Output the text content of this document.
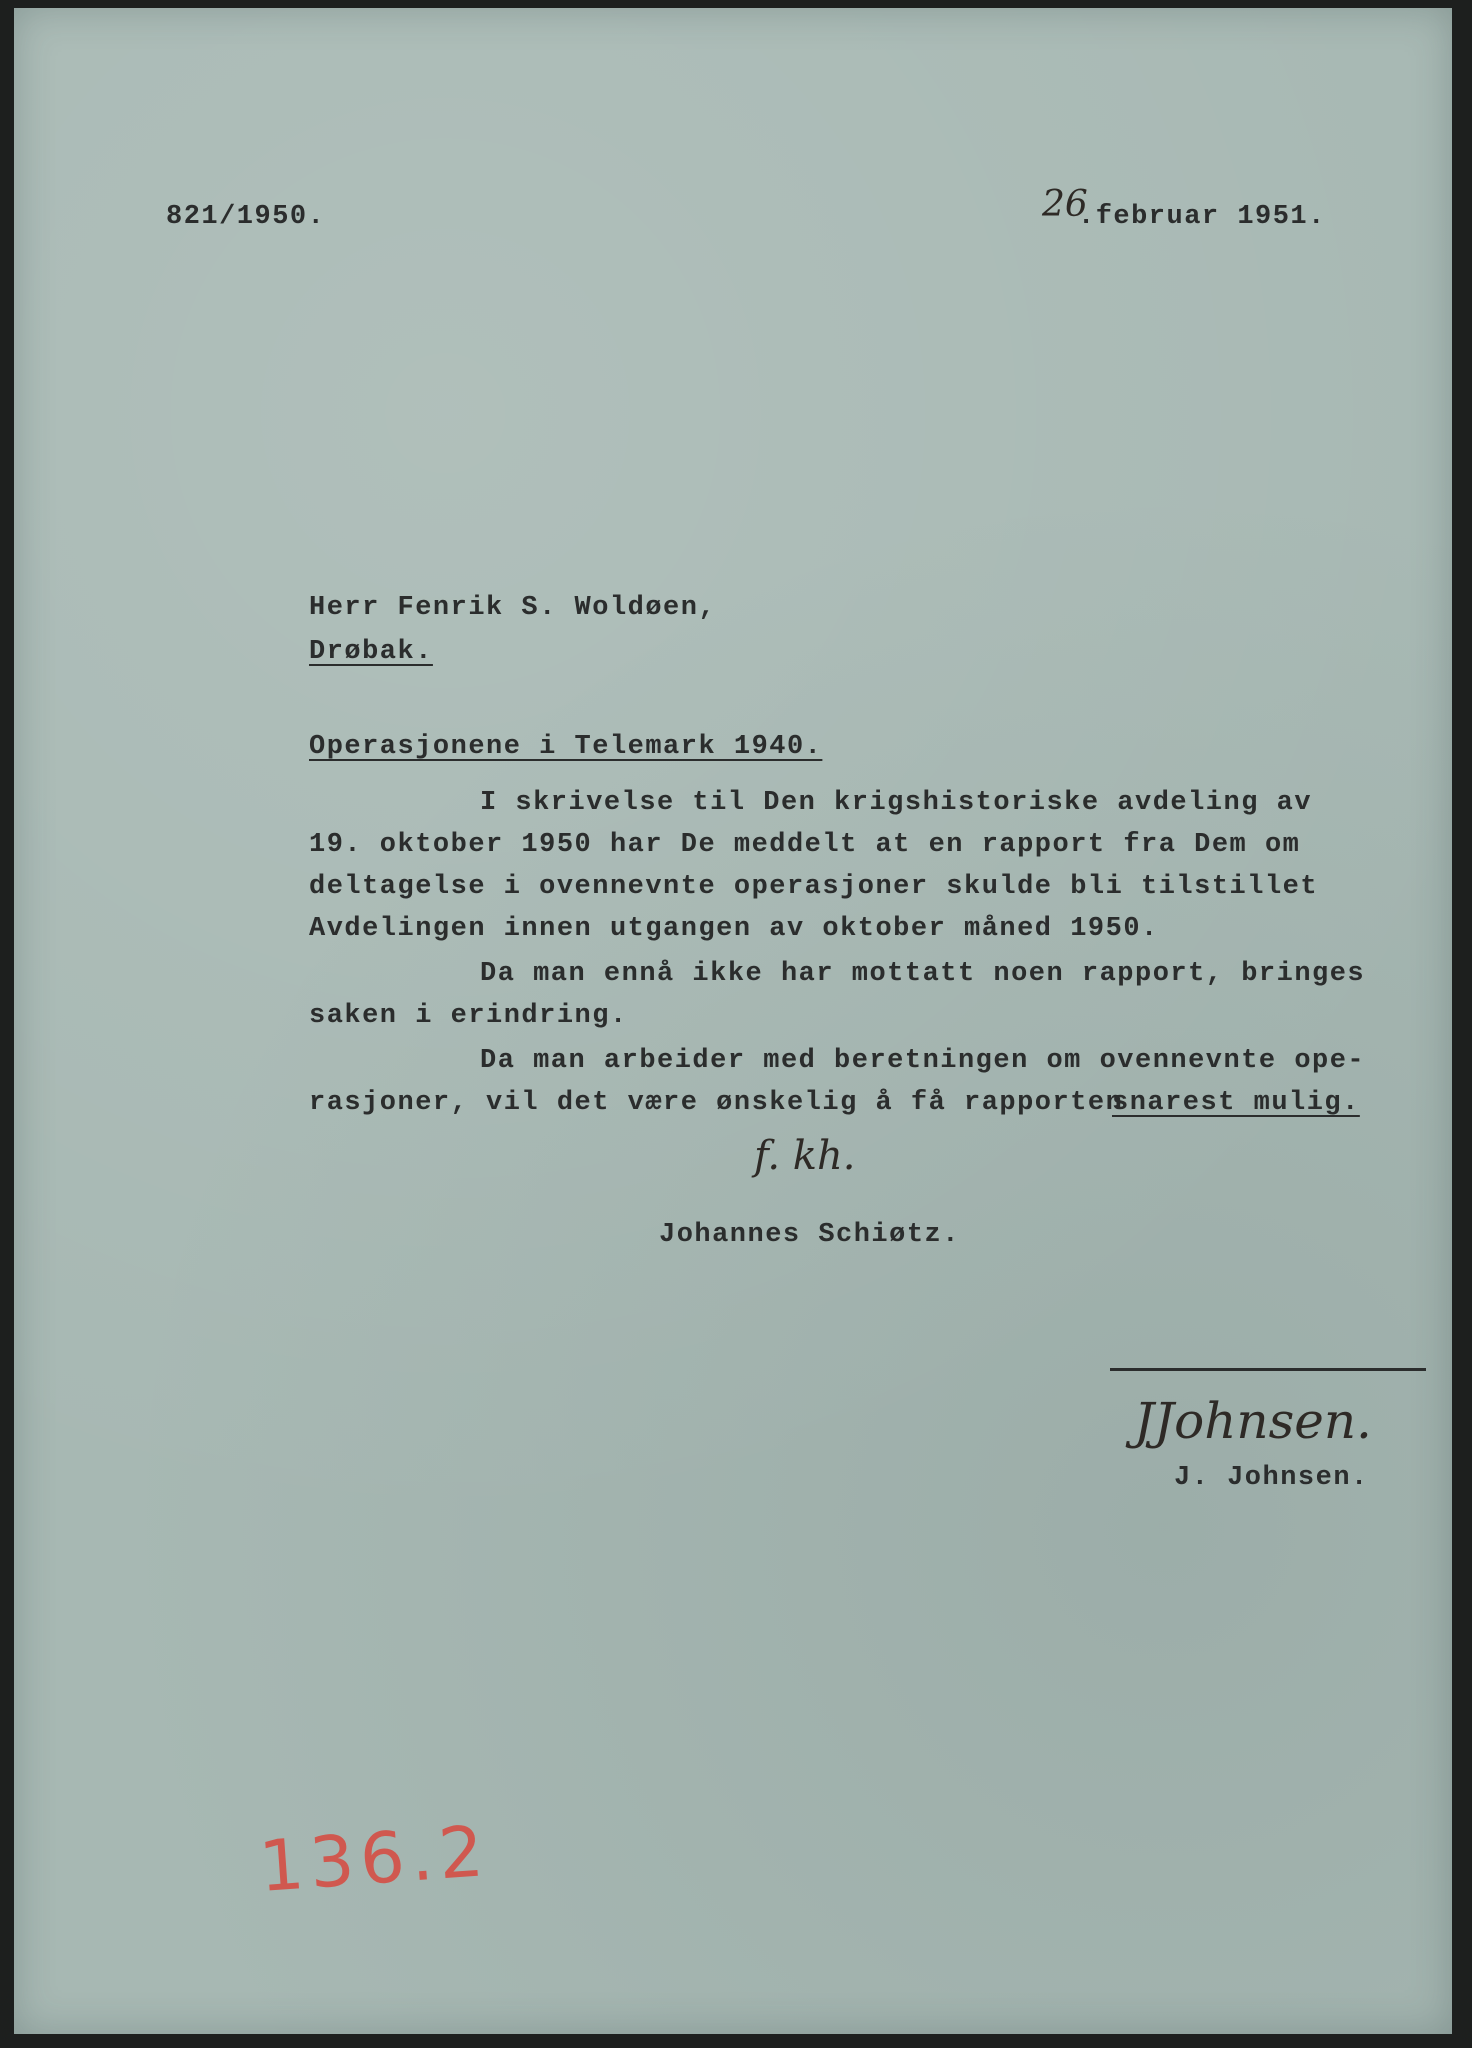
821/1950.	26
.februar 1951.
Herr Fenrik S. Woldøen,
Drøbak.
Operasjonene i Telemark 1940.
I skrivelse til Den krigshistoriske avdeling av
19. oktober 1950 har De meddelt at en rapport fra Dem om
deltagelse i ovennevnte operasjoner skulde bli tilstillet
Avdelingen innen utgangen av oktober måned 1950.
Da man ennå ikke har mottatt noen rapport, bringes
saken i erindring.
Da man arbeider med beretningen om ovennevnte ope-
rasjoner, vil det være ønskelig å få rapporten
snarest mulig.
f. kh.
Johannes Schiøtz.
JJohnsen.
J. Johnsen.
136.2
